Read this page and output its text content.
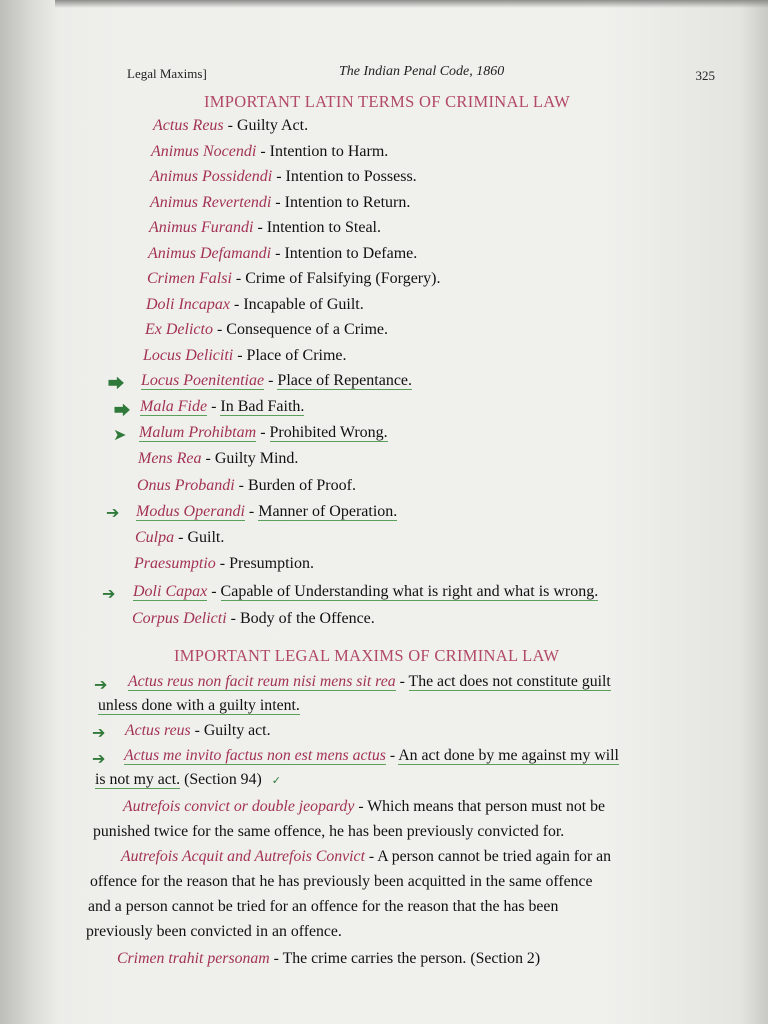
Legal Maxims]	The Indian Penal Code, 1860	325
IMPORTANT LATIN TERMS OF CRIMINAL LAW
Actus Reus - Guilty Act.
Animus Nocendi - Intention to Harm.
Animus Possidendi - Intention to Possess.
Animus Revertendi - Intention to Return.
Animus Furandi - Intention to Steal.
Animus Defamandi - Intention to Defame.
Crimen Falsi - Crime of Falsifying (Forgery).
Doli Incapax - Incapable of Guilt.
Ex Delicto - Consequence of a Crime.
Locus Deliciti - Place of Crime.
⮕ Locus Poenitentiae - Place of Repentance.
⮕ Mala Fide - In Bad Faith.
➤ Malum Prohibtam - Prohibited Wrong.
Mens Rea - Guilty Mind.
Onus Probandi - Burden of Proof.
➔ Modus Operandi - Manner of Operation.
Culpa - Guilt.
Praesumptio - Presumption.
➔ Doli Capax - Capable of Understanding what is right and what is wrong.
Corpus Delicti - Body of the Offence.
IMPORTANT LEGAL MAXIMS OF CRIMINAL LAW
➔ Actus reus non facit reum nisi mens sit rea - The act does not constitute guilt
unless done with a guilty intent.
➔ Actus reus - Guilty act.
➔ Actus me invito factus non est mens actus - An act done by me against my will
is not my act. (Section 94) ✓
Autrefois convict or double jeopardy - Which means that person must not be
punished twice for the same offence, he has been previously convicted for.
Autrefois Acquit and Autrefois Convict - A person cannot be tried again for an
offence for the reason that he has previously been acquitted in the same offence
and a person cannot be tried for an offence for the reason that the has been
previously been convicted in an offence.
Crimen trahit personam - The crime carries the person. (Section 2)
